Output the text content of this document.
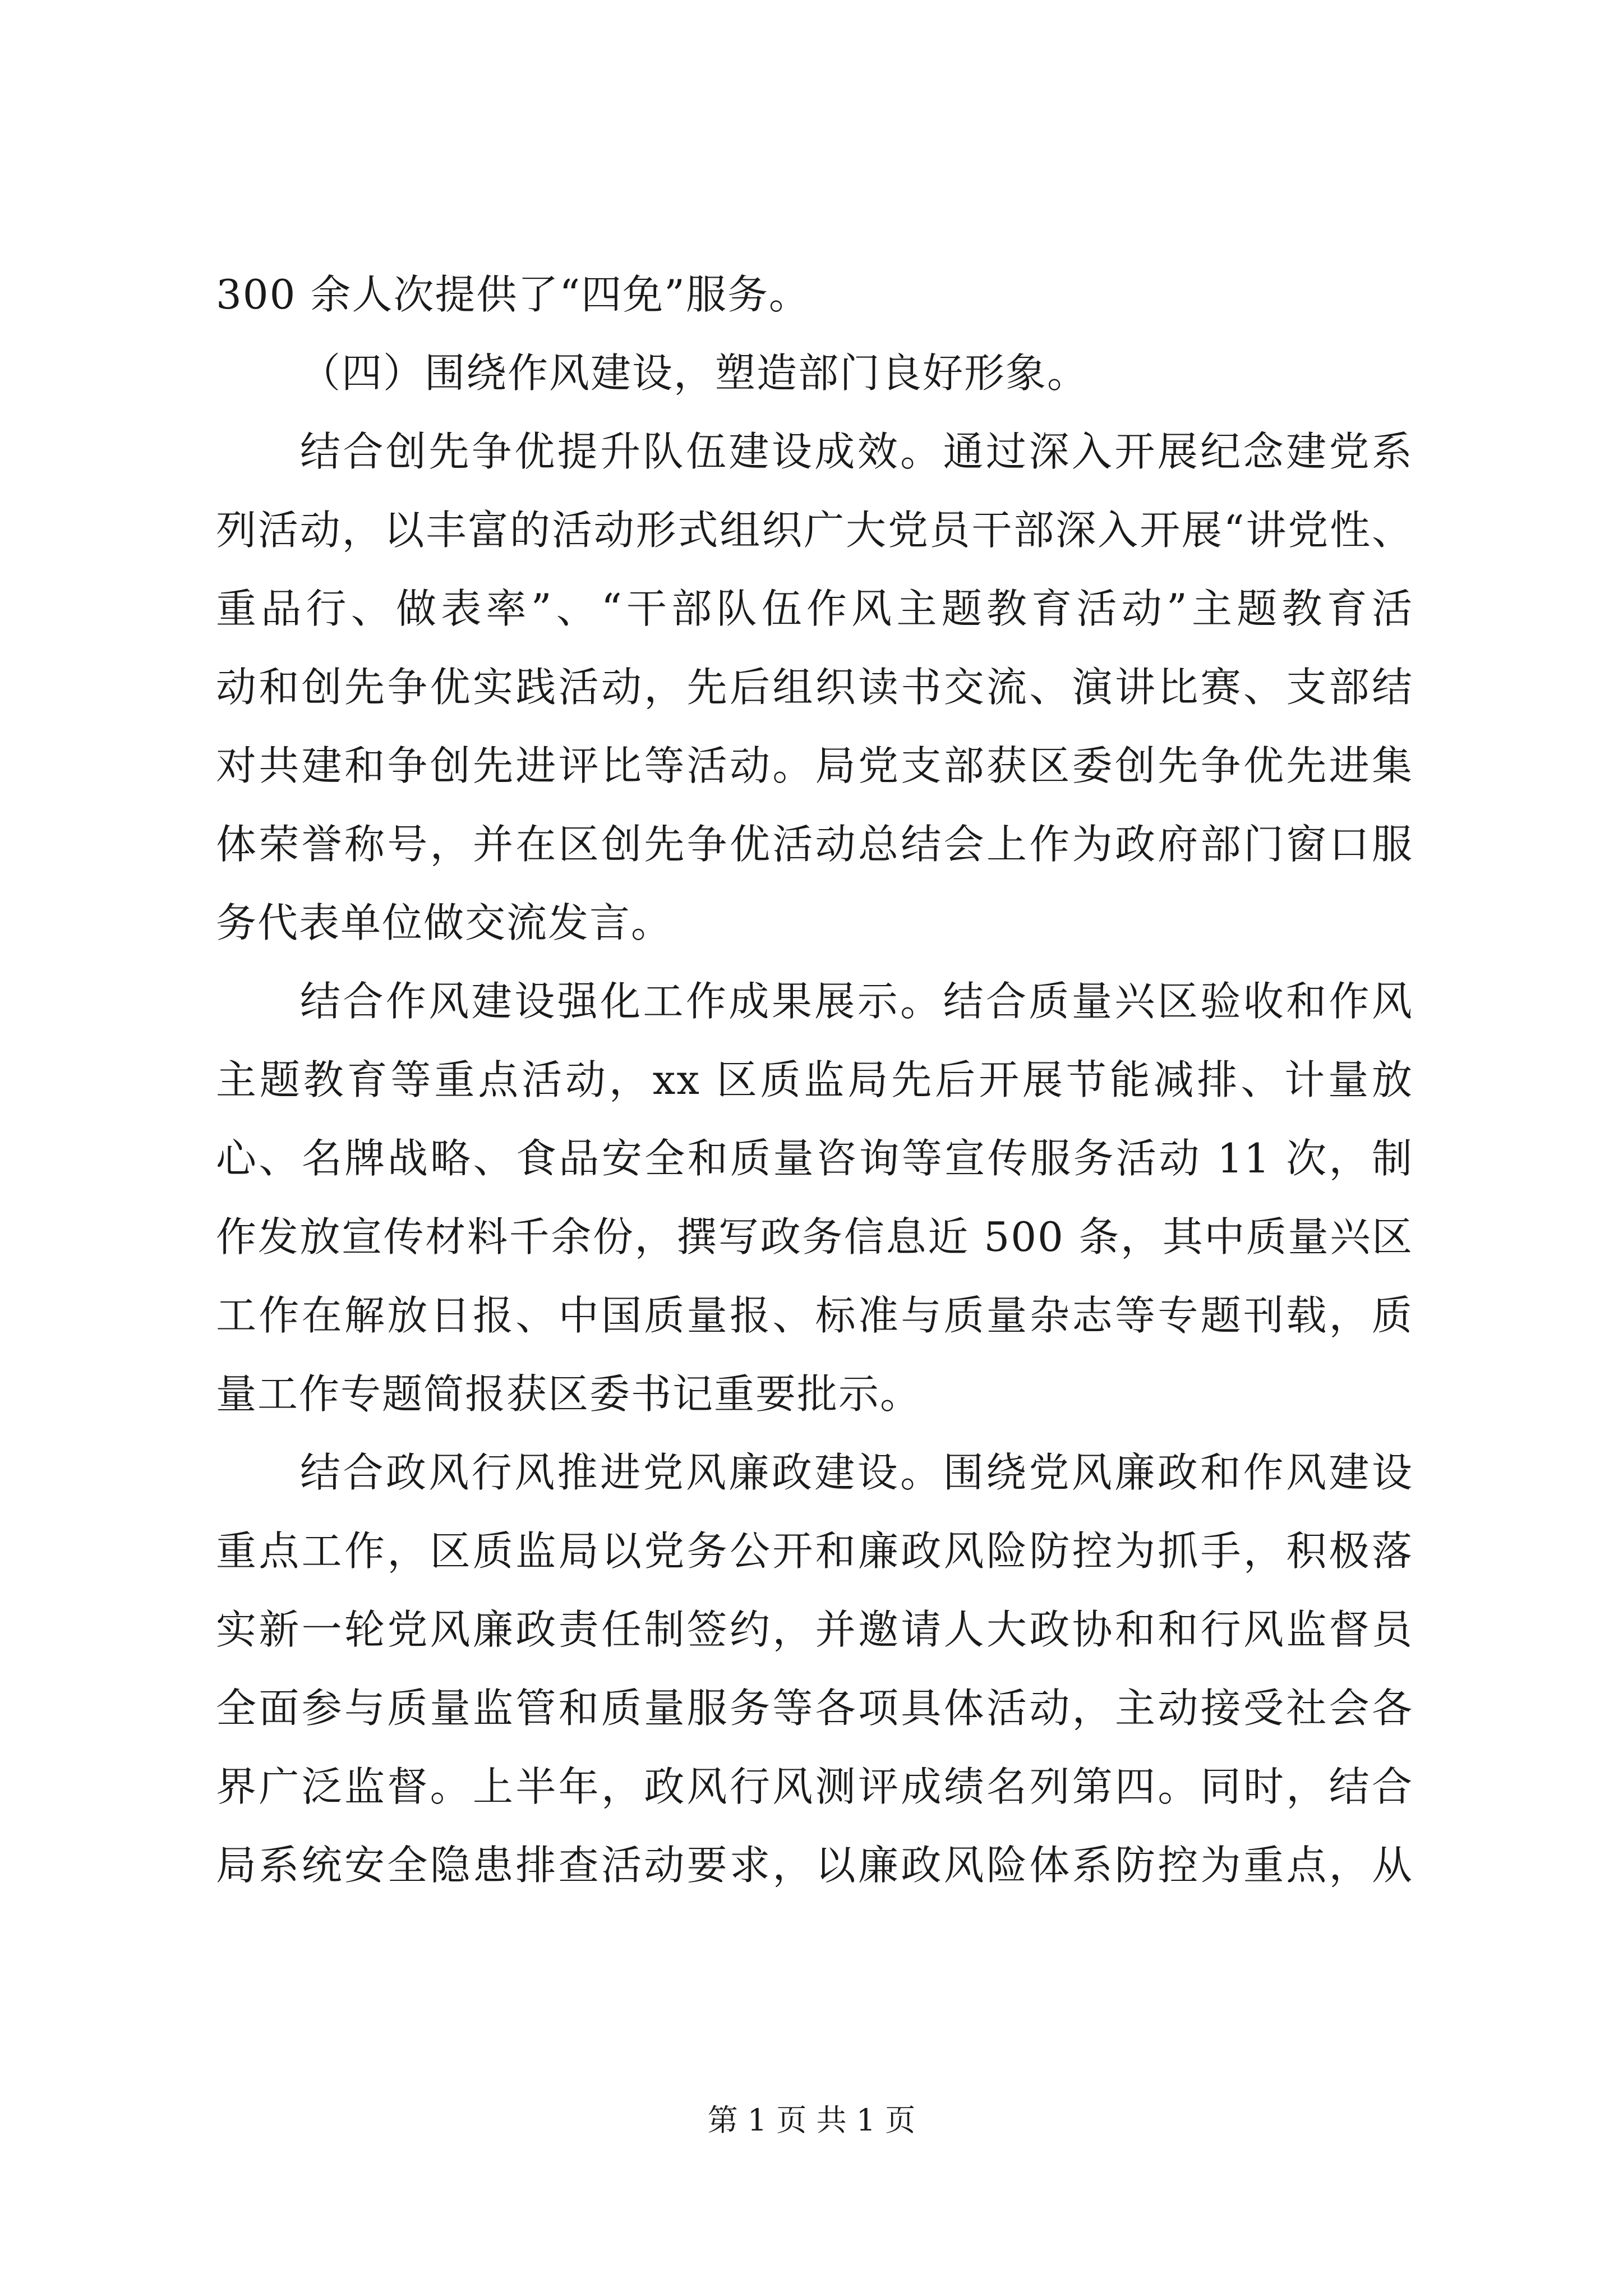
300 余人次提供了“四免”服务。
（四）围绕作风建设，塑造部门良好形象。
结合创先争优提升队伍建设成效。通过深入开展纪念建党系
列活动，以丰富的活动形式组织广大党员干部深入开展“讲党性、
重品行、做表率”、“干部队伍作风主题教育活动”主题教育活
动和创先争优实践活动，先后组织读书交流、演讲比赛、支部结
对共建和争创先进评比等活动。局党支部获区委创先争优先进集
体荣誉称号，并在区创先争优活动总结会上作为政府部门窗口服
务代表单位做交流发言。
结合作风建设强化工作成果展示。结合质量兴区验收和作风
主题教育等重点活动，xx 区质监局先后开展节能减排、计量放
心、名牌战略、食品安全和质量咨询等宣传服务活动 11 次，制
作发放宣传材料千余份，撰写政务信息近 500 条，其中质量兴区
工作在解放日报、中国质量报、标准与质量杂志等专题刊载，质
量工作专题简报获区委书记重要批示。
结合政风行风推进党风廉政建设。围绕党风廉政和作风建设
重点工作，区质监局以党务公开和廉政风险防控为抓手，积极落
实新一轮党风廉政责任制签约，并邀请人大政协和和行风监督员
全面参与质量监管和质量服务等各项具体活动，主动接受社会各
界广泛监督。上半年，政风行风测评成绩名列第四。同时，结合
局系统安全隐患排查活动要求，以廉政风险体系防控为重点，从
第 1 页 共 1 页
